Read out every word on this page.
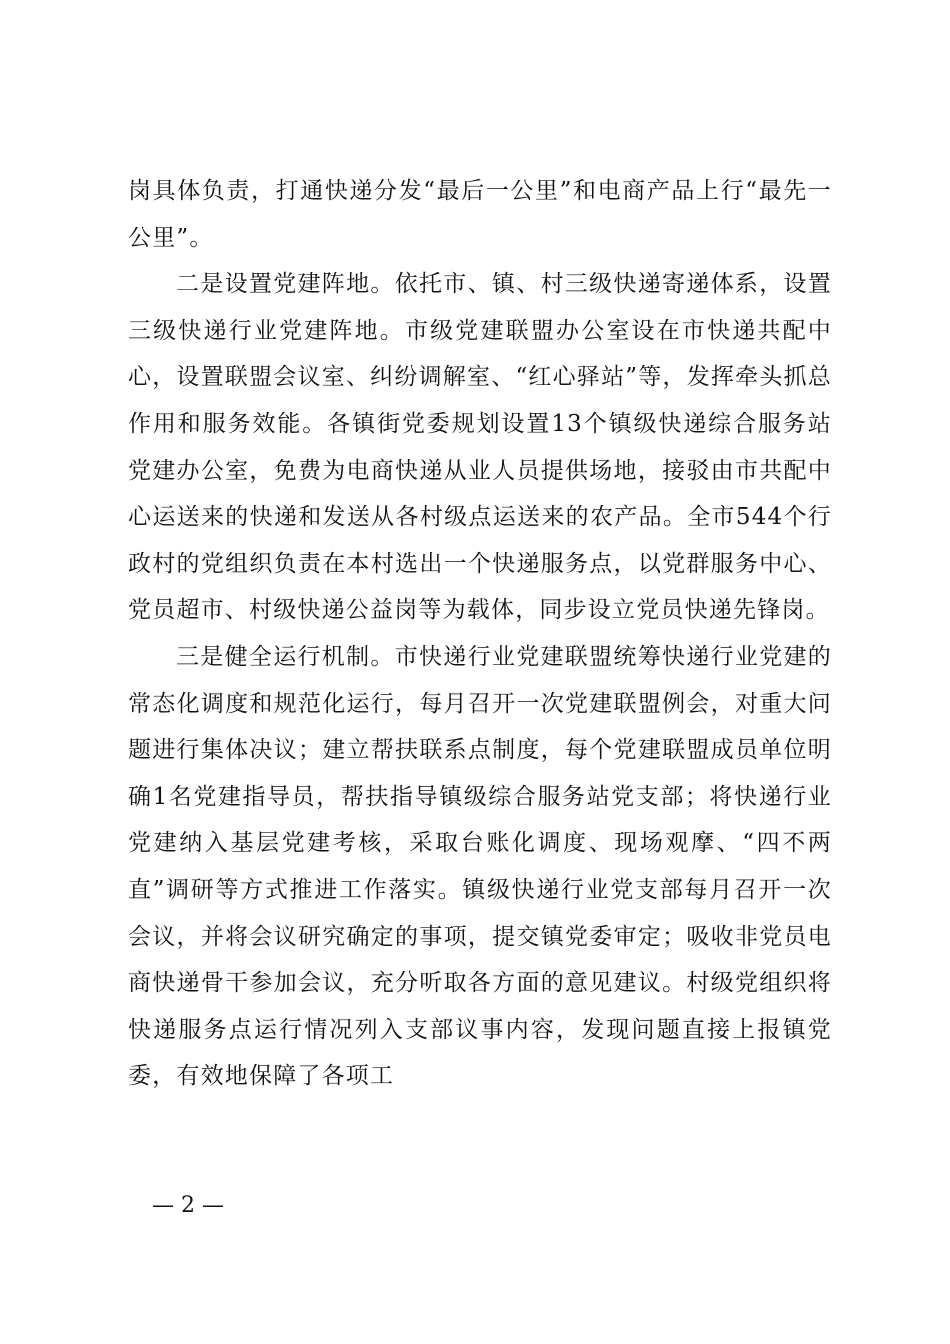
岗具体负责，打通快递分发“最后一公里”和电商产品上行“最先一公里”。

二是设置党建阵地。依托市、镇、村三级快递寄递体系，设置三级快递行业党建阵地。市级党建联盟办公室设在市快递共配中心，设置联盟会议室、纠纷调解室、“红心驿站”等，发挥牵头抓总作用和服务效能。各镇街党委规划设置13个镇级快递综合服务站党建办公室，免费为电商快递从业人员提供场地，接驳由市共配中心运送来的快递和发送从各村级点运送来的农产品。全市544个行政村的党组织负责在本村选出一个快递服务点，以党群服务中心、党员超市、村级快递公益岗等为载体，同步设立党员快递先锋岗。

三是健全运行机制。市快递行业党建联盟统筹快递行业党建的常态化调度和规范化运行，每月召开一次党建联盟例会，对重大问题进行集体决议；建立帮扶联系点制度，每个党建联盟成员单位明确1名党建指导员，帮扶指导镇级综合服务站党支部；将快递行业党建纳入基层党建考核，采取台账化调度、现场观摩、“四不两直”调研等方式推进工作落实。镇级快递行业党支部每月召开一次会议，并将会议研究确定的事项，提交镇党委审定；吸收非党员电商快递骨干参加会议，充分听取各方面的意见建议。村级党组织将快递服务点运行情况列入支部议事内容，发现问题直接上报镇党委，有效地保障了各项工

— 2 —
